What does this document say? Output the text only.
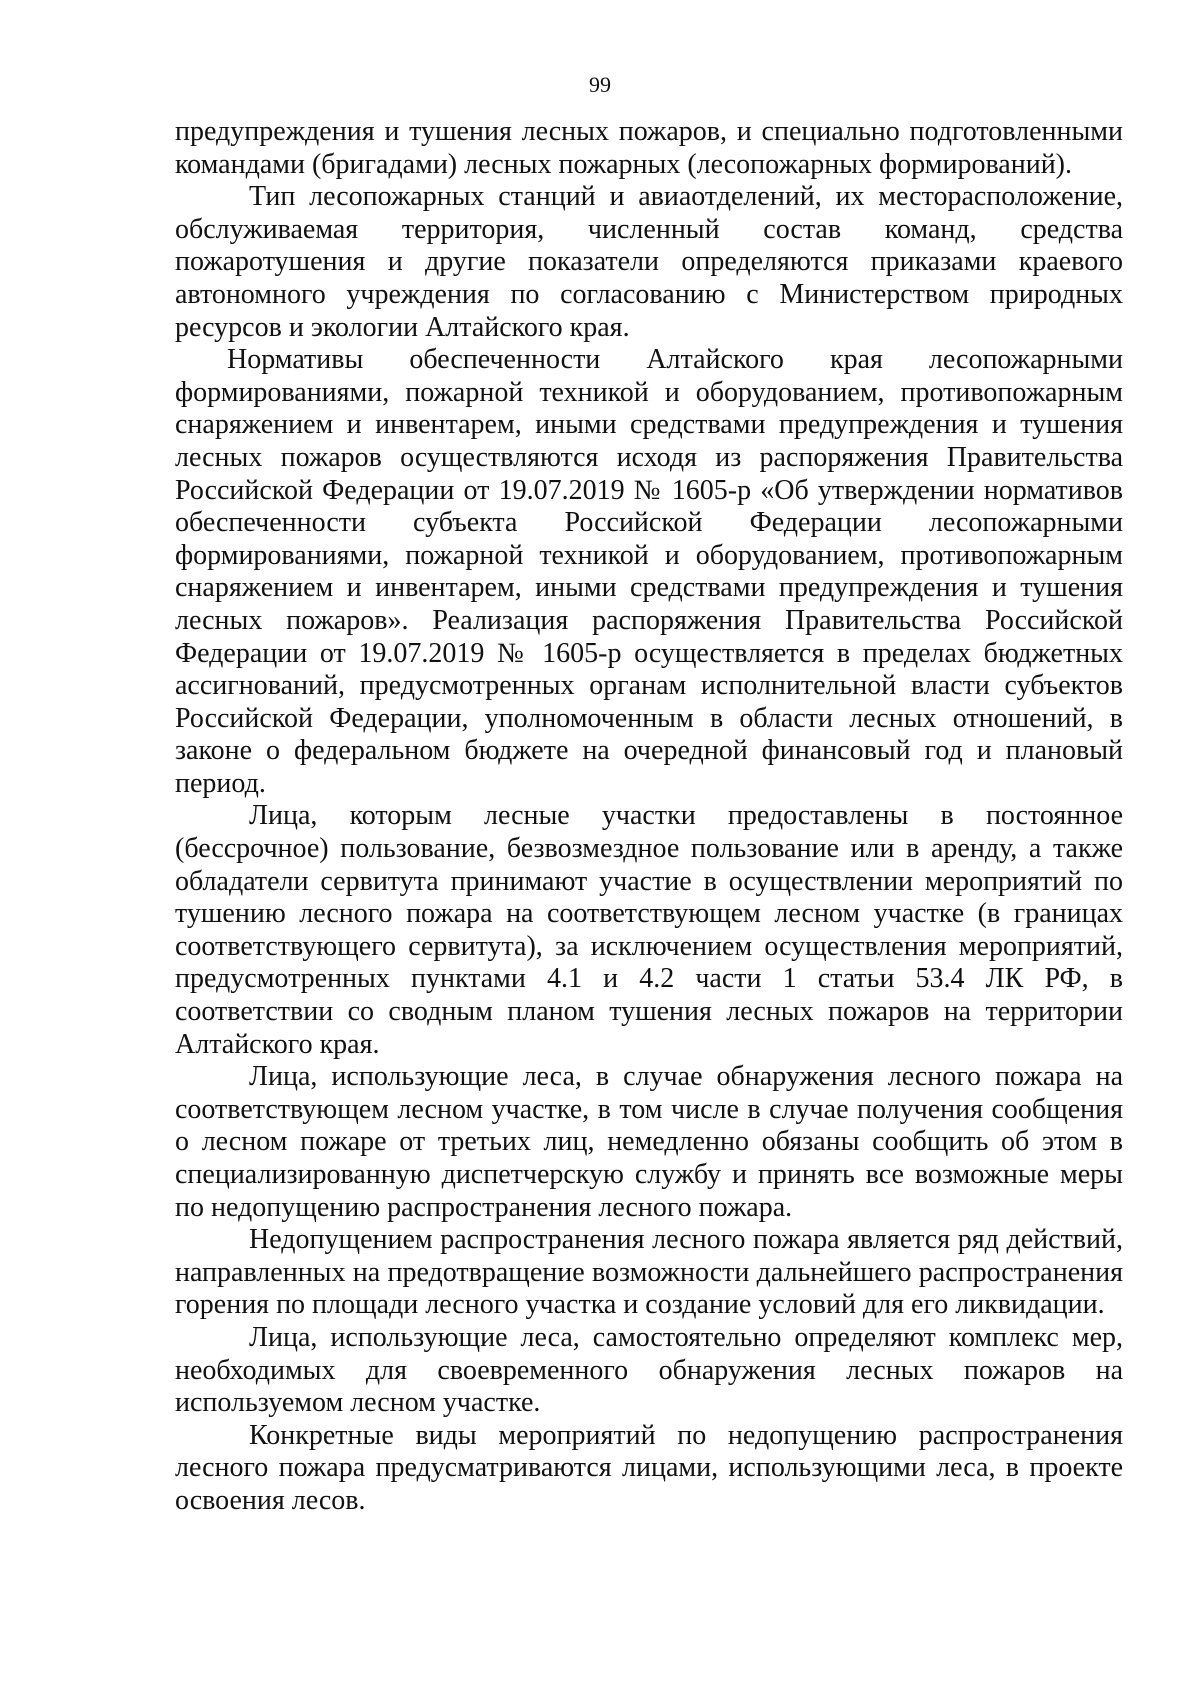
99

предупреждения и тушения лесных пожаров, и специально подготовленными командами (бригадами) лесных пожарных (лесопожарных формирований).

Тип лесопожарных станций и авиаотделений, их месторасположение, обслуживаемая территория, численный состав команд, средства пожаротушения и другие показатели определяются приказами краевого автономного учреждения по согласованию с Министерством природных ресурсов и экологии Алтайского края.

Нормативы обеспеченности Алтайского края лесопожарными формированиями, пожарной техникой и оборудованием, противопожарным снаряжением и инвентарем, иными средствами предупреждения и тушения лесных пожаров осуществляются исходя из распоряжения Правительства Российской Федерации от 19.07.2019 № 1605-р «Об утверждении нормативов обеспеченности субъекта Российской Федерации лесопожарными формированиями, пожарной техникой и оборудованием, противопожарным снаряжением и инвентарем, иными средствами предупреждения и тушения лесных пожаров». Реализация распоряжения Правительства Российской Федерации от 19.07.2019 № 1605-р осуществляется в пределах бюджетных ассигнований, предусмотренных органам исполнительной власти субъектов Российской Федерации, уполномоченным в области лесных отношений, в законе о федеральном бюджете на очередной финансовый год и плановый период.

Лица, которым лесные участки предоставлены в постоянное (бессрочное) пользование, безвозмездное пользование или в аренду, а также обладатели сервитута принимают участие в осуществлении мероприятий по тушению лесного пожара на соответствующем лесном участке (в границах соответствующего сервитута), за исключением осуществления мероприятий, предусмотренных пунктами 4.1 и 4.2 части 1 статьи 53.4 ЛК РФ, в соответствии со сводным планом тушения лесных пожаров на территории Алтайского края.

Лица, использующие леса, в случае обнаружения лесного пожара на соответствующем лесном участке, в том числе в случае получения сообщения о лесном пожаре от третьих лиц, немедленно обязаны сообщить об этом в специализированную диспетчерскую службу и принять все возможные меры по недопущению распространения лесного пожара.

Недопущением распространения лесного пожара является ряд действий, направленных на предотвращение возможности дальнейшего распространения горения по площади лесного участка и создание условий для его ликвидации.

Лица, использующие леса, самостоятельно определяют комплекс мер, необходимых для своевременного обнаружения лесных пожаров на используемом лесном участке.

Конкретные виды мероприятий по недопущению распространения лесного пожара предусматриваются лицами, использующими леса, в проекте освоения лесов.
